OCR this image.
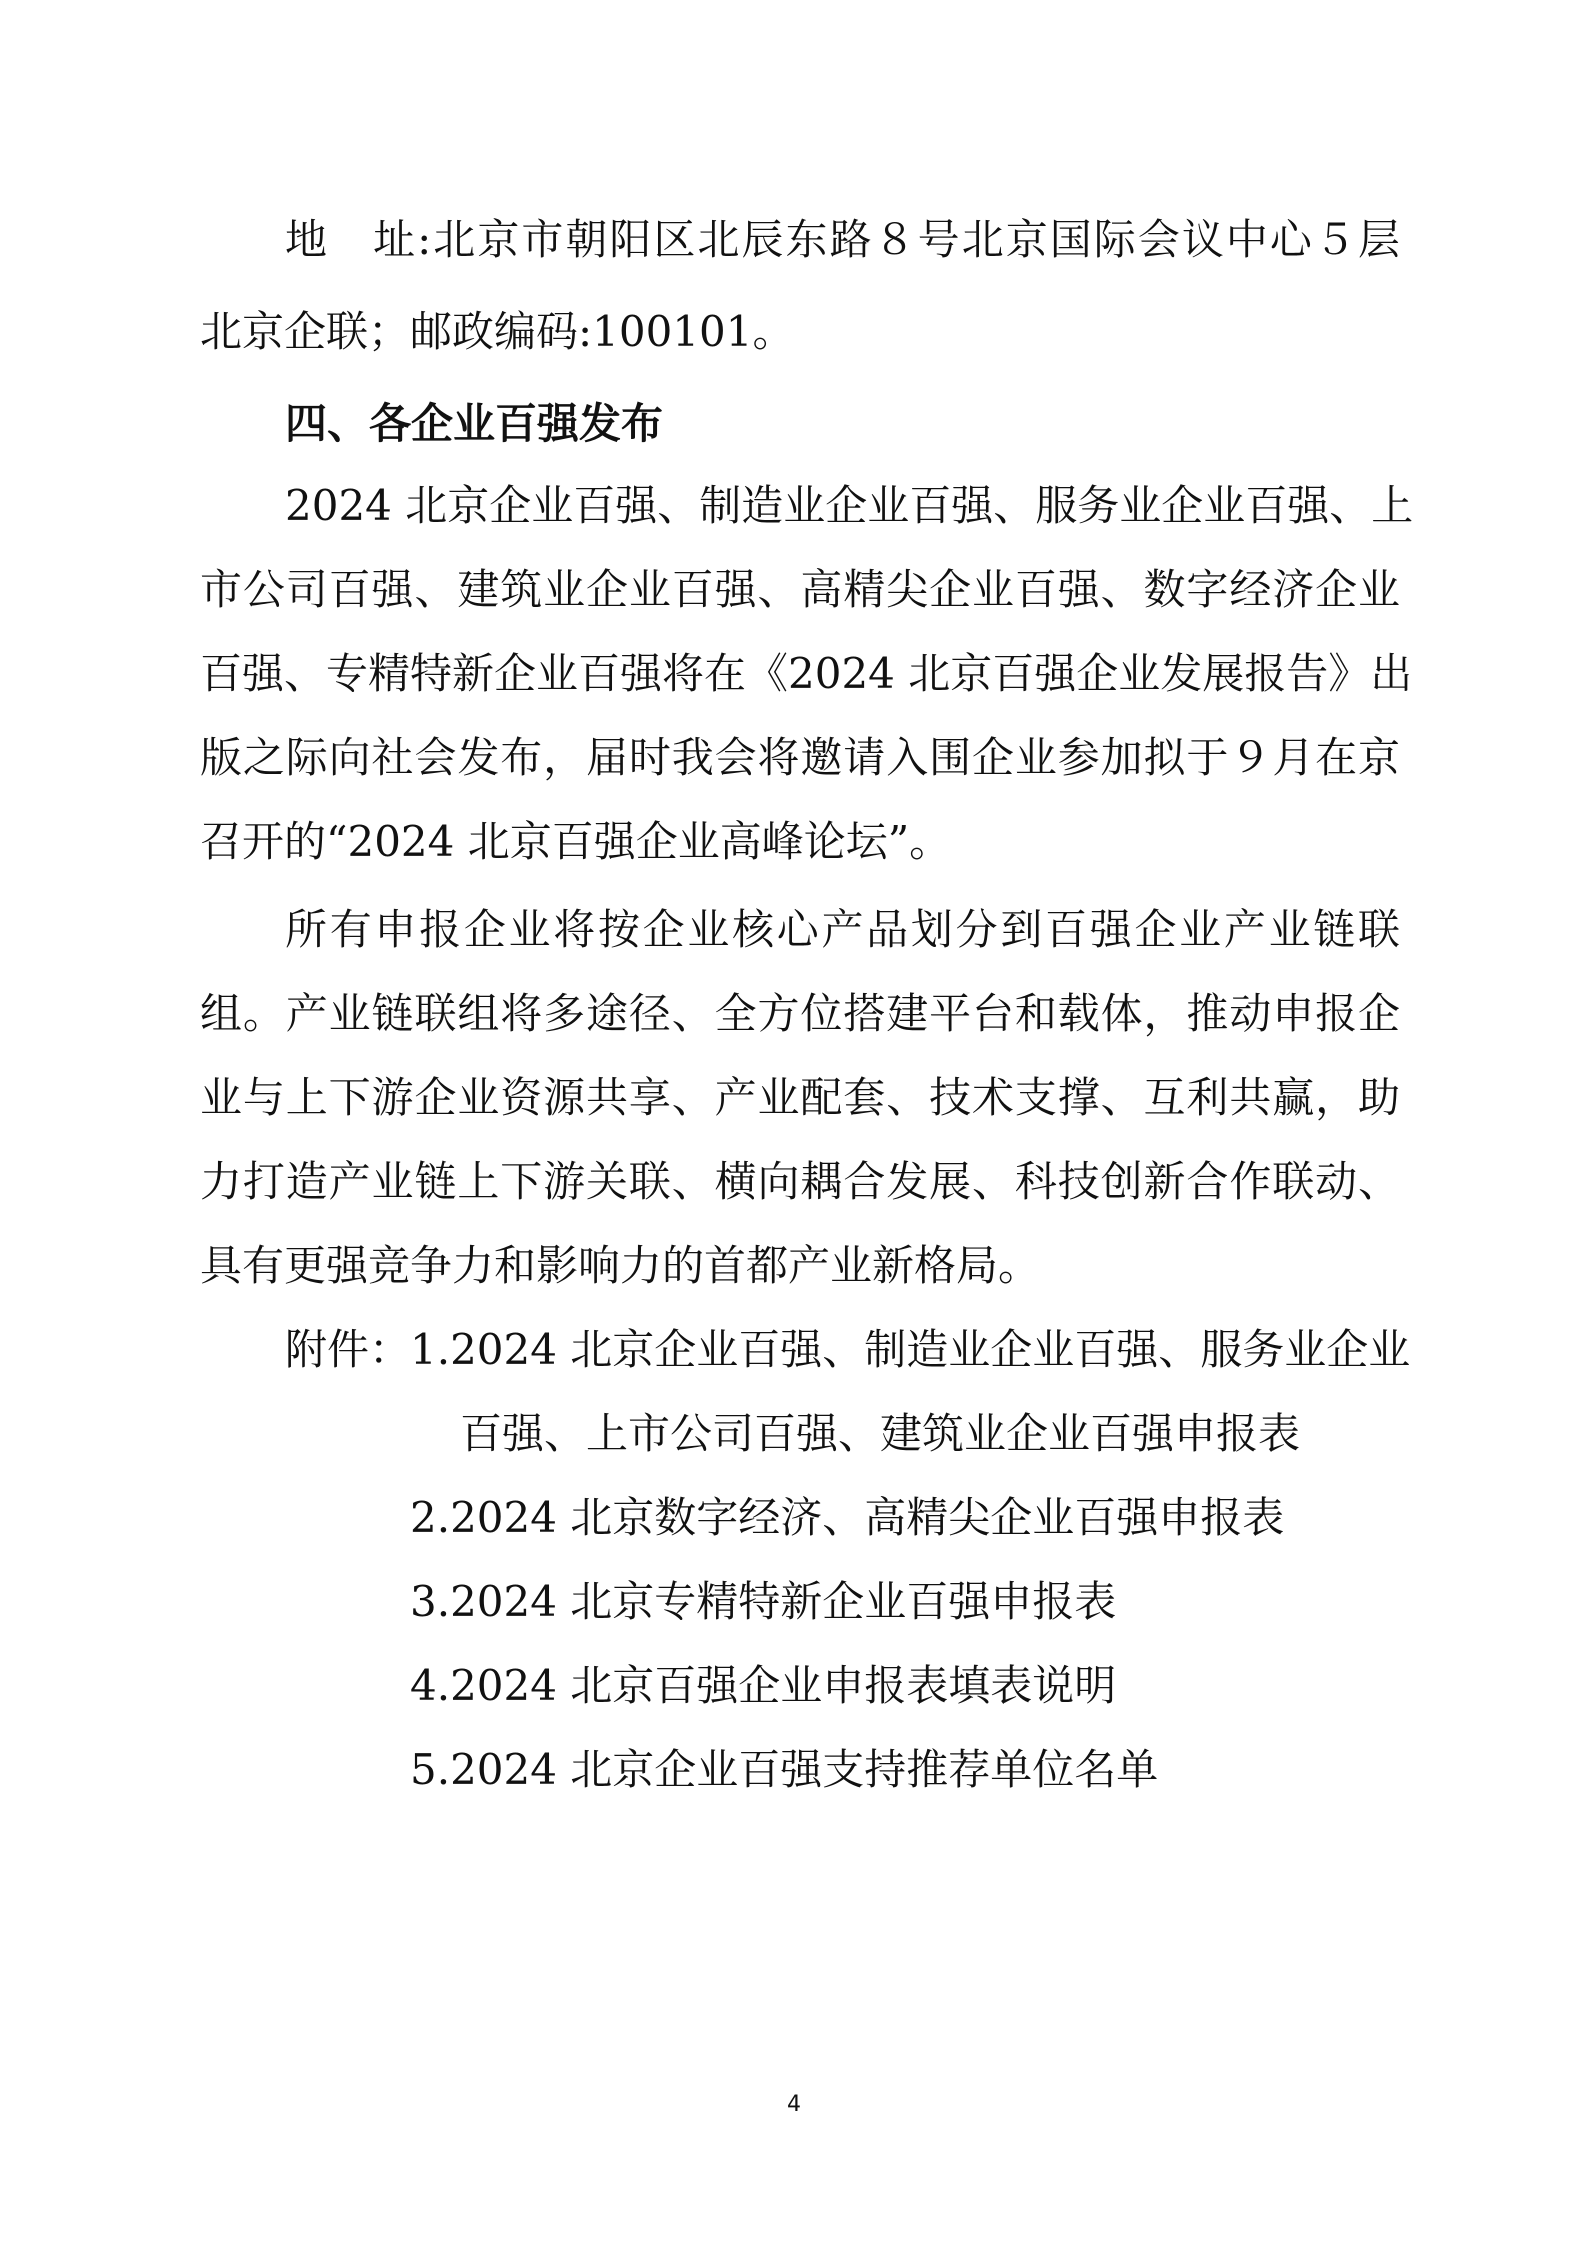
地　址:北京市朝阳区北辰东路８号北京国际会议中心５层
北京企联；邮政编码:100101。
四、各企业百强发布
2024 北京企业百强、制造业企业百强、服务业企业百强、上
市公司百强、建筑业企业百强、高精尖企业百强、数字经济企业
百强、专精特新企业百强将在《2024 北京百强企业发展报告》出
版之际向社会发布，届时我会将邀请入围企业参加拟于９月在京
召开的“2024 北京百强企业高峰论坛”。
所有申报企业将按企业核心产品划分到百强企业产业链联
组。产业链联组将多途径、全方位搭建平台和载体，推动申报企
业与上下游企业资源共享、产业配套、技术支撑、互利共赢，助
力打造产业链上下游关联、横向耦合发展、科技创新合作联动、
具有更强竞争力和影响力的首都产业新格局。
附件：
1.2024 北京企业百强、制造业企业百强、服务业企业
百强、上市公司百强、建筑业企业百强申报表
2.2024 北京数字经济、高精尖企业百强申报表
3.2024 北京专精特新企业百强申报表
4.2024 北京百强企业申报表填表说明
5.2024 北京企业百强支持推荐单位名单
4
